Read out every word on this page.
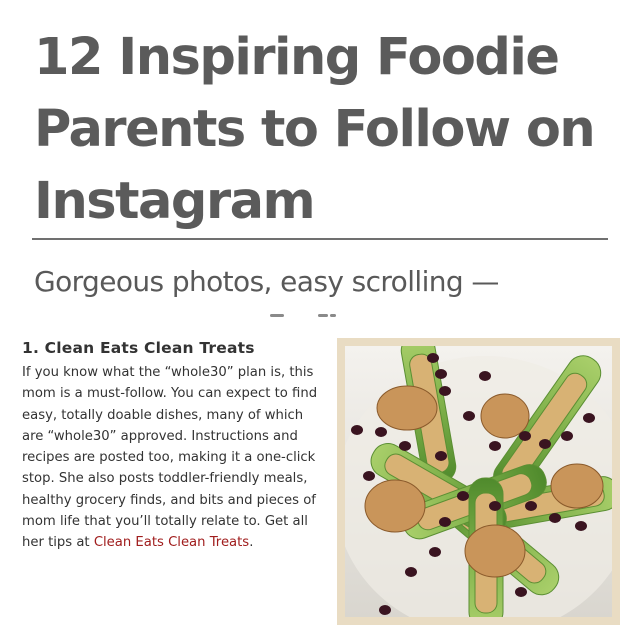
12 Inspiring Foodie Parents to Follow on Instagram
Gorgeous photos, easy scrolling —
1. Clean Eats Clean Treats

If you know what the “whole30” plan is, this mom is a must-follow. You can expect to find easy, totally doable dishes, many of which are “whole30” approved. Instructions and recipes are posted too, making it a one-click stop. She also posts toddler-friendly meals, healthy grocery finds, and bits and pieces of mom life that you’ll totally relate to. Get all her tips at Clean Eats Clean Treats.
